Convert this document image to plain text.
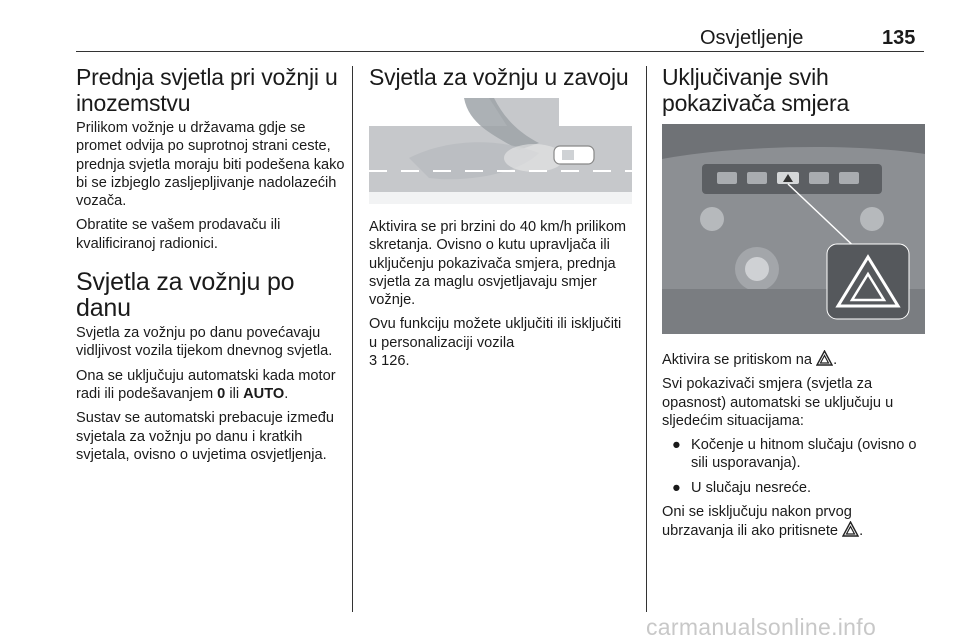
Osvjetljenje	135
Prednja svjetla pri vožnji u inozemstvu

Prilikom vožnje u državama gdje se promet odvija po suprotnoj strani ceste, prednja svjetla moraju biti podešena kako bi se izbjeglo zasljepljivanje nadolazećih vozača.

Obratite se vašem prodavaču ili kvalificiranoj radionici.

Svjetla za vožnju po danu

Svjetla za vožnju po danu povećavaju vidljivost vozila tijekom dnevnog svjetla.

Ona se uključuju automatski kada motor radi ili podešavanjem 0 ili AUTO.

Sustav se automatski prebacuje između svjetala za vožnju po danu i kratkih svjetala, ovisno o uvjetima osvjetljenja.

Svjetla za vožnju u zavoju

Aktivira se pri brzini do 40 km/h prilikom skretanja. Ovisno o kutu upravljača ili uključenju pokazivača smjera, prednja svjetla za maglu osvjetljavaju smjer vožnje.

Ovu funkciju možete uključiti ili isključiti u personalizaciji vozila
3 126.

Uključivanje svih pokazivača smjera

Aktivira se pritiskom na
.

Svi pokazivači smjera (svjetla za opasnost) automatski se uključuju u sljedećim situacijama:

● Kočenje u hitnom slučaju (ovisno o sili usporavanja).
● U slučaju nesreće.

Oni se isključuju nakon prvog ubrzavanja ili ako pritisnete
.

carmanualsonline.info
